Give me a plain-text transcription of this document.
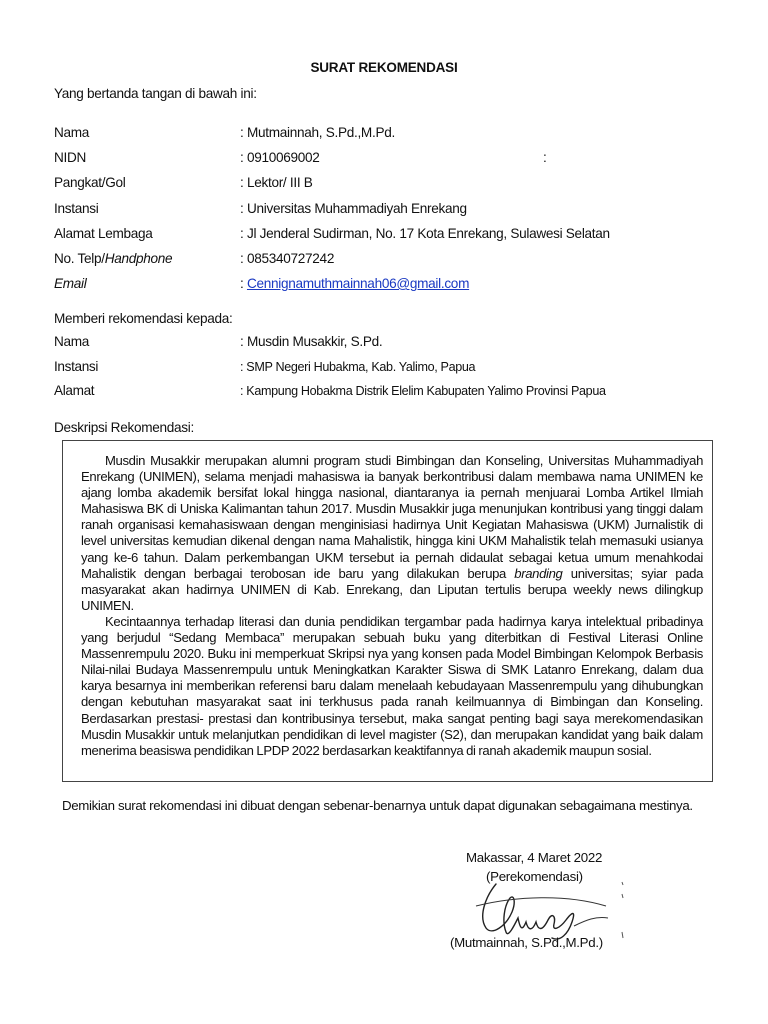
SURAT REKOMENDASI
Yang bertanda tangan di bawah ini:
Nama	: Mutmainnah, S.Pd.,M.Pd.
NIDN	: 0910069002	:
Pangkat/Gol	: Lektor/ III B
Instansi	: Universitas Muhammadiyah Enrekang
Alamat Lembaga	: Jl Jenderal Sudirman, No. 17 Kota Enrekang, Sulawesi Selatan
No. Telp/Handphone	: 085340727242
Email	: Cennignamuthmainnah06@gmail.com
Memberi rekomendasi kepada:
Nama	: Musdin Musakkir, S.Pd.
Instansi	: SMP Negeri Hubakma, Kab. Yalimo, Papua
Alamat	: Kampung Hobakma Distrik Elelim Kabupaten Yalimo Provinsi Papua
Deskripsi Rekomendasi:

Musdin Musakkir merupakan alumni program studi Bimbingan dan Konseling, Universitas Muhammadiyah Enrekang (UNIMEN), selama menjadi mahasiswa ia banyak berkontribusi dalam membawa nama UNIMEN ke ajang lomba akademik bersifat lokal hingga nasional, diantaranya ia pernah menjuarai Lomba Artikel Ilmiah Mahasiswa BK di Uniska Kalimantan tahun 2017. Musdin Musakkir juga menunjukan kontribusi yang tinggi dalam ranah organisasi kemahasiswaan dengan menginisiasi hadirnya Unit Kegiatan Mahasiswa (UKM) Jurnalistik di level universitas kemudian dikenal dengan nama Mahalistik, hingga kini UKM Mahalistik telah memasuki usianya yang ke-6 tahun. Dalam perkembangan UKM tersebut ia pernah didaulat sebagai ketua umum menahkodai Mahalistik dengan berbagai terobosan ide baru yang dilakukan berupa branding universitas; syiar pada masyarakat akan hadirnya UNIMEN di Kab. Enrekang, dan Liputan tertulis berupa weekly news dilingkup UNIMEN.

Kecintaannya terhadap literasi dan dunia pendidikan tergambar pada hadirnya karya intelektual pribadinya yang berjudul “Sedang Membaca” merupakan sebuah buku yang diterbitkan di Festival Literasi Online Massenrempulu 2020. Buku ini memperkuat Skripsi nya yang konsen pada Model Bimbingan Kelompok Berbasis Nilai-nilai Budaya Massenrempulu untuk Meningkatkan Karakter Siswa di SMK Latanro Enrekang, dalam dua karya besarnya ini memberikan referensi baru dalam menelaah kebudayaan Massenrempulu yang dihubungkan dengan kebutuhan masyarakat saat ini terkhusus pada ranah keilmuannya di Bimbingan dan Konseling. Berdasarkan prestasi- prestasi dan kontribusinya tersebut, maka sangat penting bagi saya merekomendasikan Musdin Musakkir untuk melanjutkan pendidikan di level magister (S2), dan merupakan kandidat yang baik dalam menerima beasiswa pendidikan LPDP 2022 berdasarkan keaktifannya di ranah akademik maupun sosial.

Demikian surat rekomendasi ini dibuat dengan sebenar-benarnya untuk dapat digunakan sebagaimana mestinya.
Makassar, 4 Maret 2022
(Perekomendasi)
(Mutmainnah, S.Pd.,M.Pd.)
